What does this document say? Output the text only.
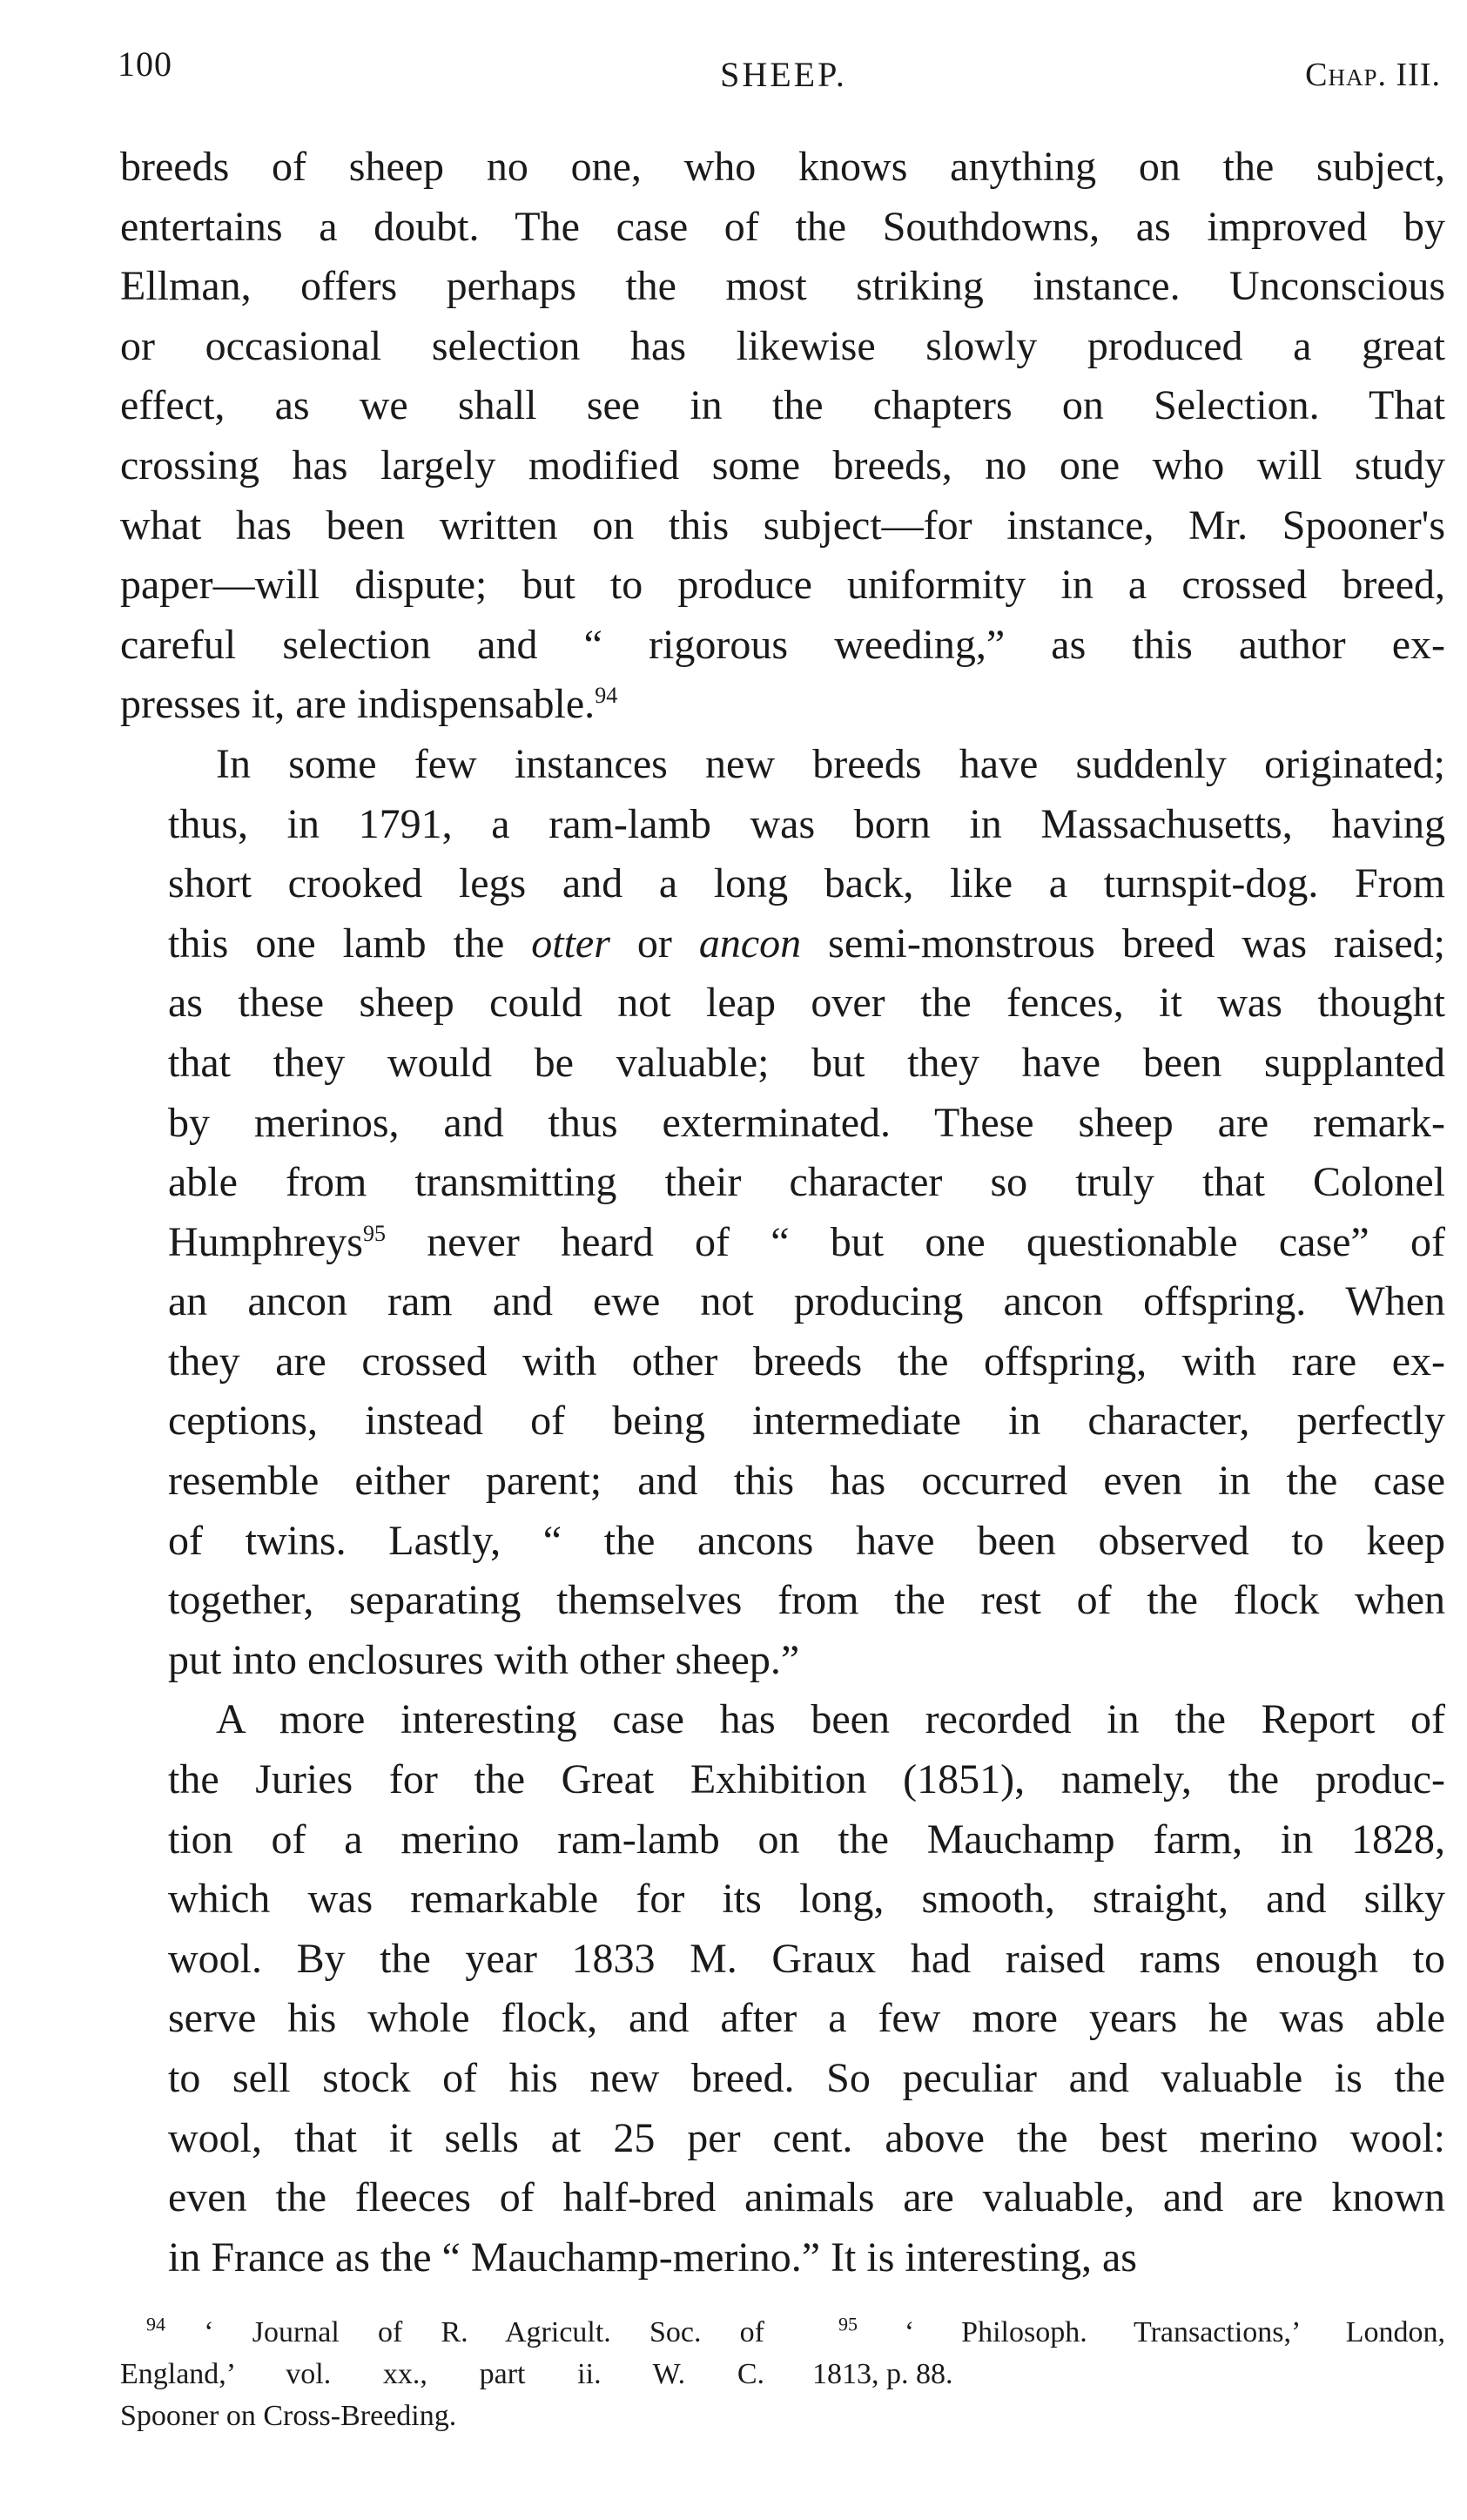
100	SHEEP.	Chap. III.
breeds of sheep no one, who knows anything on the subject,
entertains a doubt. The case of the Southdowns, as improved by
Ellman, offers perhaps the most striking instance. Unconscious
or occasional selection has likewise slowly produced a great
effect, as we shall see in the chapters on Selection. That
crossing has largely modified some breeds, no one who will study
what has been written on this subject—for instance, Mr. Spooner's
paper—will dispute; but to produce uniformity in a crossed breed,
careful selection and “ rigorous weeding,” as this author ex-
presses it, are indispensable.$^{94}$
In some few instances new breeds have suddenly originated;
thus, in 1791, a ram-lamb was born in Massachusetts, having
short crooked legs and a long back, like a turnspit-dog. From
this one lamb the otter or ancon semi-monstrous breed was raised;
as these sheep could not leap over the fences, it was thought
that they would be valuable; but they have been supplanted
by merinos, and thus exterminated. These sheep are remark-
able from transmitting their character so truly that Colonel
Humphreys$^{95}$ never heard of “ but one questionable case” of
an ancon ram and ewe not producing ancon offspring. When
they are crossed with other breeds the offspring, with rare ex-
ceptions, instead of being intermediate in character, perfectly
resemble either parent; and this has occurred even in the case
of twins. Lastly, “ the ancons have been observed to keep
together, separating themselves from the rest of the flock when
put into enclosures with other sheep.”
A more interesting case has been recorded in the Report of
the Juries for the Great Exhibition (1851), namely, the produc-
tion of a merino ram-lamb on the Mauchamp farm, in 1828,
which was remarkable for its long, smooth, straight, and silky
wool. By the year 1833 M. Graux had raised rams enough to
serve his whole flock, and after a few more years he was able
to sell stock of his new breed. So peculiar and valuable is the
wool, that it sells at 25 per cent. above the best merino wool:
even the fleeces of half-bred animals are valuable, and are known
in France as the “ Mauchamp-merino.” It is interesting, as
$^{94}$ ‘ Journal of R. Agricult. Soc. of
England,’ vol. xx., part ii. W. C.
Spooner on Cross-Breeding.
$^{95}$ ‘ Philosoph. Transactions,’ London,
1813, p. 88.
